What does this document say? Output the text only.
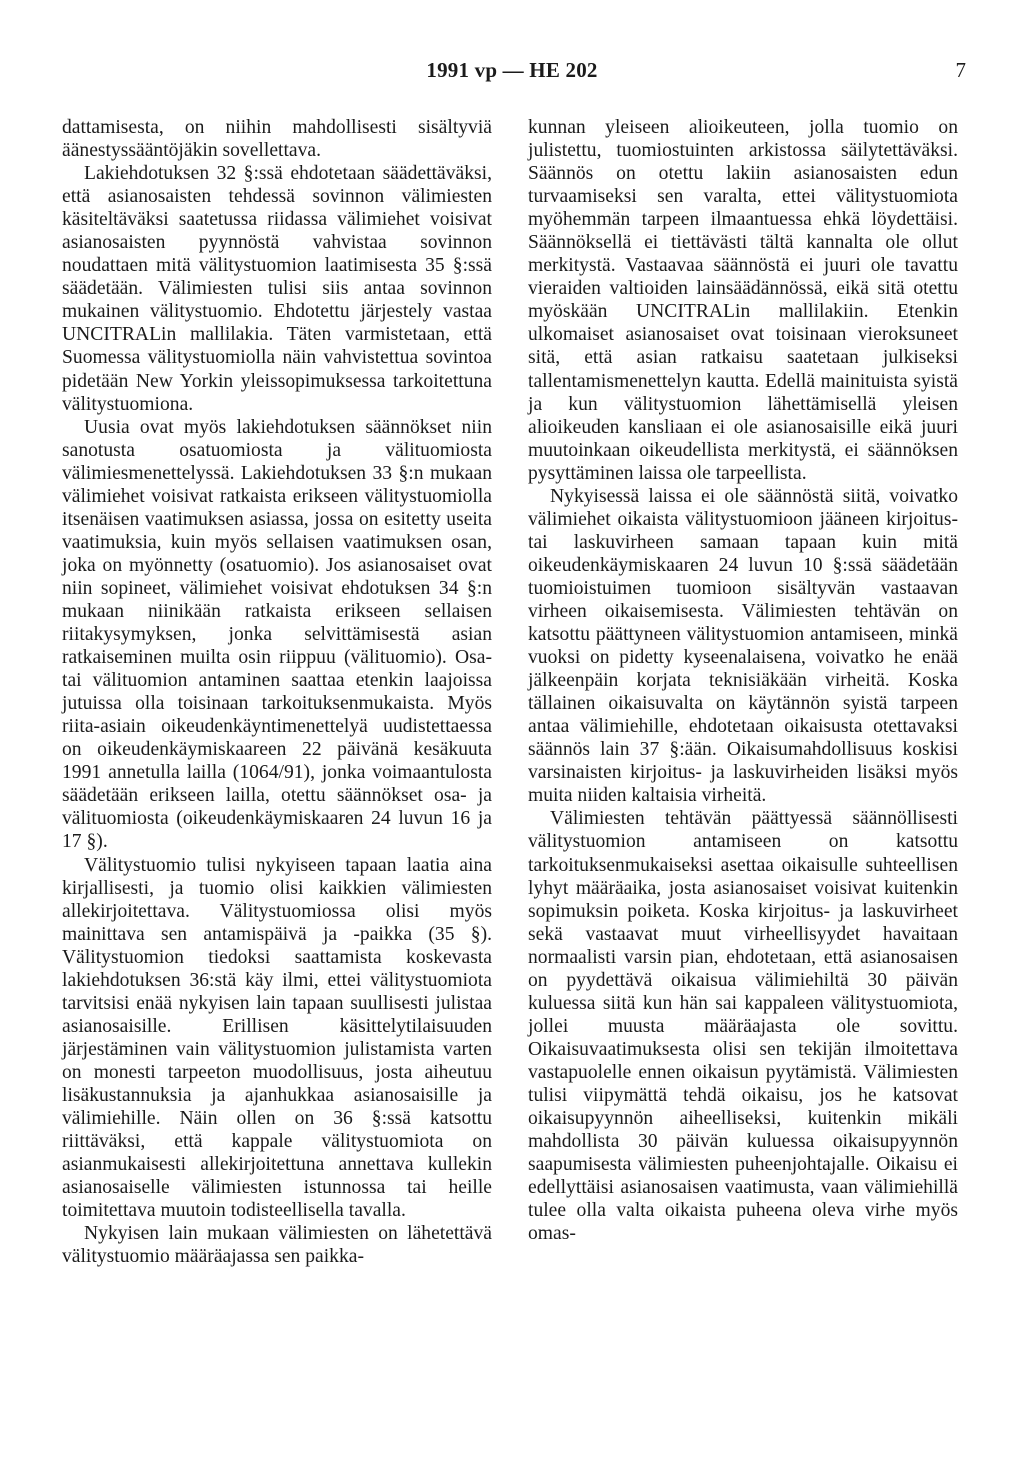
1991 vp — HE 202	7

dattamisesta, on niihin mahdollisesti sisältyviä äänestyssääntöjäkin sovellettava.

Lakiehdotuksen 32 §:ssä ehdotetaan säädettäväksi, että asianosaisten tehdessä sovinnon välimiesten käsiteltäväksi saatetussa riidassa välimiehet voisivat asianosaisten pyynnöstä vahvistaa sovinnon noudattaen mitä välitystuomion laatimisesta 35 §:ssä säädetään. Välimiesten tulisi siis antaa sovinnon mukainen välitystuomio. Ehdotettu järjestely vastaa UNCITRALin mallilakia. Täten varmistetaan, että Suomessa välitystuomiolla näin vahvistettua sovintoa pidetään New Yorkin yleissopimuksessa tarkoitettuna välitystuomiona.

Uusia ovat myös lakiehdotuksen säännökset niin sanotusta osatuomiosta ja välituomiosta välimiesmenettelyssä. Lakiehdotuksen 33 §:n mukaan välimiehet voisivat ratkaista erikseen välitystuomiolla itsenäisen vaatimuksen asiassa, jossa on esitetty useita vaatimuksia, kuin myös sellaisen vaatimuksen osan, joka on myönnetty (osatuomio). Jos asianosaiset ovat niin sopineet, välimiehet voisivat ehdotuksen 34 §:n mukaan niinikään ratkaista erikseen sellaisen riitakysymyksen, jonka selvittämisestä asian ratkaiseminen muilta osin riippuu (välituomio). Osa- tai välituomion antaminen saattaa etenkin laajoissa jutuissa olla toisinaan tarkoituksenmukaista. Myös riita-asiain oikeudenkäyntimenettelyä uudistettaessa on oikeudenkäymiskaareen 22 päivänä kesäkuuta 1991 annetulla lailla (1064/91), jonka voimaantulosta säädetään erikseen lailla, otettu säännökset osa- ja välituomiosta (oikeudenkäymiskaaren 24 luvun 16 ja 17 §).

Välitystuomio tulisi nykyiseen tapaan laatia aina kirjallisesti, ja tuomio olisi kaikkien välimiesten allekirjoitettava. Välitystuomiossa olisi myös mainittava sen antamispäivä ja -paikka (35 §). Välitystuomion tiedoksi saattamista koskevasta lakiehdotuksen 36:stä käy ilmi, ettei välitystuomiota tarvitsisi enää nykyisen lain tapaan suullisesti julistaa asianosaisille. Erillisen käsittelytilaisuuden järjestäminen vain välitystuomion julistamista varten on monesti tarpeeton muodollisuus, josta aiheutuu lisäkustannuksia ja ajanhukkaa asianosaisille ja välimiehille. Näin ollen on 36 §:ssä katsottu riittäväksi, että kappale välitystuomiota on asianmukaisesti allekirjoitettuna annettava kullekin asianosaiselle välimiesten istunnossa tai heille toimitettava muutoin todisteellisella tavalla.

Nykyisen lain mukaan välimiesten on lähetettävä välitystuomio määräajassa sen paikka-

kunnan yleiseen alioikeuteen, jolla tuomio on julistettu, tuomiostuinten arkistossa säilytettäväksi. Säännös on otettu lakiin asianosaisten edun turvaamiseksi sen varalta, ettei välitystuomiota myöhemmän tarpeen ilmaantuessa ehkä löydettäisi. Säännöksellä ei tiettävästi tältä kannalta ole ollut merkitystä. Vastaavaa säännöstä ei juuri ole tavattu vieraiden valtioiden lainsäädännössä, eikä sitä otettu myöskään UNCITRALin mallilakiin. Etenkin ulkomaiset asianosaiset ovat toisinaan vieroksuneet sitä, että asian ratkaisu saatetaan julkiseksi tallentamismenettelyn kautta. Edellä mainituista syistä ja kun välitystuomion lähettämisellä yleisen alioikeuden kansliaan ei ole asianosaisille eikä juuri muutoinkaan oikeudellista merkitystä, ei säännöksen pysyttäminen laissa ole tarpeellista.

Nykyisessä laissa ei ole säännöstä siitä, voivatko välimiehet oikaista välitystuomioon jääneen kirjoitus- tai laskuvirheen samaan tapaan kuin mitä oikeudenkäymiskaaren 24 luvun 10 §:ssä säädetään tuomioistuimen tuomioon sisältyvän vastaavan virheen oikaisemisesta. Välimiesten tehtävän on katsottu päättyneen välitystuomion antamiseen, minkä vuoksi on pidetty kyseenalaisena, voivatko he enää jälkeenpäin korjata teknisiäkään virheitä. Koska tällainen oikaisuvalta on käytännön syistä tarpeen antaa välimiehille, ehdotetaan oikaisusta otettavaksi säännös lain 37 §:ään. Oikaisumahdollisuus koskisi varsinaisten kirjoitus- ja laskuvirheiden lisäksi myös muita niiden kaltaisia virheitä.

Välimiesten tehtävän päättyessä säännöllisesti välitystuomion antamiseen on katsottu tarkoituksenmukaiseksi asettaa oikaisulle suhteellisen lyhyt määräaika, josta asianosaiset voisivat kuitenkin sopimuksin poiketa. Koska kirjoitus- ja laskuvirheet sekä vastaavat muut virheellisyydet havaitaan normaalisti varsin pian, ehdotetaan, että asianosaisen on pyydettävä oikaisua välimiehiltä 30 päivän kuluessa siitä kun hän sai kappaleen välitystuomiota, jollei muusta määräajasta ole sovittu. Oikaisuvaatimuksesta olisi sen tekijän ilmoitettava vastapuolelle ennen oikaisun pyytämistä. Välimiesten tulisi viipymättä tehdä oikaisu, jos he katsovat oikaisupyynnön aiheelliseksi, kuitenkin mikäli mahdollista 30 päivän kuluessa oikaisupyynnön saapumisesta välimiesten puheenjohtajalle. Oikaisu ei edellyttäisi asianosaisen vaatimusta, vaan välimiehillä tulee olla valta oikaista puheena oleva virhe myös omas-
